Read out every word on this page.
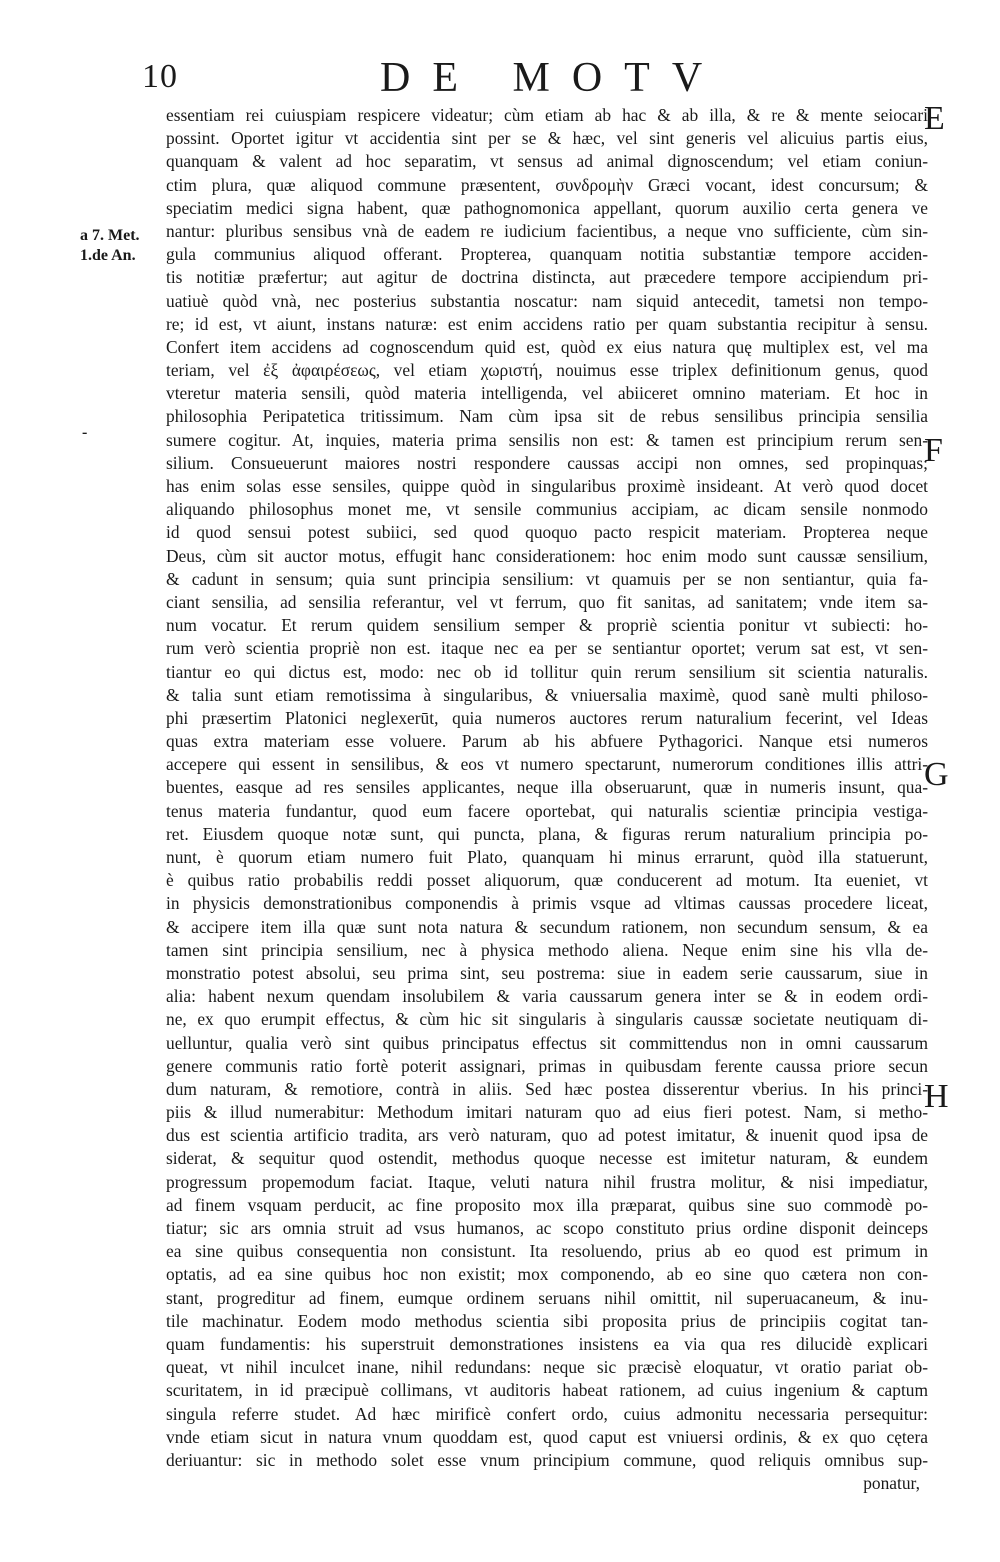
10	DE MOTV
a 7. Met.
1.de An.
-
E
F
G
H
essentiam rei cuiuspiam respicere videatur; cùm etiam ab hac & ab illa, & re & mente seiocari
possint. Oportet igitur vt accidentia sint per se & hæc, vel sint generis vel alicuius partis eius,
quanquam & valent ad hoc separatim, vt sensus ad animal dignoscendum; vel etiam coniun-
ctim plura, quæ aliquod commune præsentent, συνδρομὴν Græci vocant, idest concursum; &
speciatim medici signa habent, quæ pathognomonica appellant, quorum auxilio certa genera ve
nantur: pluribus sensibus vnà de eadem re iudicium facientibus, a neque vno sufficiente, cùm sin-
gula communius aliquod offerant. Propterea, quanquam notitia substantiæ tempore acciden-
tis notitiæ præfertur; aut agitur de doctrina distincta, aut præcedere tempore accipiendum pri-
uatiuè quòd vnà, nec posterius substantia noscatur: nam siquid antecedit, tametsi non tempo-
re; id est, vt aiunt, instans naturæ: est enim accidens ratio per quam substantia recipitur à sensu.
Confert item accidens ad cognoscendum quid est, quòd ex eius natura quę multiplex est, vel ma
teriam, vel ἐξ ἀφαιρέσεως, vel etiam χωριστή, nouimus esse triplex definitionum genus, quod
vteretur materia sensili, quòd materia intelligenda, vel abiiceret omnino materiam. Et hoc in
philosophia Peripatetica tritissimum. Nam cùm ipsa sit de rebus sensilibus principia sensilia
sumere cogitur. At, inquies, materia prima sensilis non est: & tamen est principium rerum sen-
silium. Consueuerunt maiores nostri respondere caussas accipi non omnes, sed propinquas;
has enim solas esse sensiles, quippe quòd in singularibus proximè insideant. At verò quod docet
aliquando philosophus monet me, vt sensile communius accipiam, ac dicam sensile nonmodo
id quod sensui potest subiici, sed quod quoquo pacto respicit materiam. Propterea neque
Deus, cùm sit auctor motus, effugit hanc considerationem: hoc enim modo sunt caussæ sensilium,
& cadunt in sensum; quia sunt principia sensilium: vt quamuis per se non sentiantur, quia fa-
ciant sensilia, ad sensilia referantur, vel vt ferrum, quo fit sanitas, ad sanitatem; vnde item sa-
num vocatur. Et rerum quidem sensilium semper & propriè scientia ponitur vt subiecti: ho-
rum verò scientia propriè non est. itaque nec ea per se sentiantur oportet; verum sat est, vt sen-
tiantur eo qui dictus est, modo: nec ob id tollitur quin rerum sensilium sit scientia naturalis.
& talia sunt etiam remotissima à singularibus, & vniuersalia maximè, quod sanè multi philoso-
phi præsertim Platonici neglexerūt, quia numeros auctores rerum naturalium fecerint, vel Ideas
quas extra materiam esse voluere. Parum ab his abfuere Pythagorici. Nanque etsi numeros
accepere qui essent in sensilibus, & eos vt numero spectarunt, numerorum conditiones illis attri-
buentes, easque ad res sensiles applicantes, neque illa obseruarunt, quæ in numeris insunt, qua-
tenus materia fundantur, quod eum facere oportebat, qui naturalis scientiæ principia vestiga-
ret. Eiusdem quoque notæ sunt, qui puncta, plana, & figuras rerum naturalium principia po-
nunt, è quorum etiam numero fuit Plato, quanquam hi minus errarunt, quòd illa statuerunt,
è quibus ratio probabilis reddi posset aliquorum, quæ conducerent ad motum. Ita eueniet, vt
in physicis demonstrationibus componendis à primis vsque ad vltimas caussas procedere liceat,
& accipere item illa quæ sunt nota natura & secundum rationem, non secundum sensum, & ea
tamen sint principia sensilium, nec à physica methodo aliena. Neque enim sine his vlla de-
monstratio potest absolui, seu prima sint, seu postrema: siue in eadem serie caussarum, siue in
alia: habent nexum quendam insolubilem & varia caussarum genera inter se & in eodem ordi-
ne, ex quo erumpit effectus, & cùm hic sit singularis à singularis caussæ societate neutiquam di-
uelluntur, qualia verò sint quibus principatus effectus sit committendus non in omni caussarum
genere communis ratio fortè poterit assignari, primas in quibusdam ferente caussa priore secun
dum naturam, & remotiore, contrà in aliis. Sed hæc postea disserentur vberius. In his princi-
piis & illud numerabitur: Methodum imitari naturam quo ad eius fieri potest. Nam, si metho-
dus est scientia artificio tradita, ars verò naturam, quo ad potest imitatur, & inuenit quod ipsa de
siderat, & sequitur quod ostendit, methodus quoque necesse est imitetur naturam, & eundem
progressum propemodum faciat. Itaque, veluti natura nihil frustra molitur, & nisi impediatur,
ad finem vsquam perducit, ac fine proposito mox illa præparat, quibus sine suo commodè po-
tiatur; sic ars omnia struit ad vsus humanos, ac scopo constituto prius ordine disponit deinceps
ea sine quibus consequentia non consistunt. Ita resoluendo, prius ab eo quod est primum in
optatis, ad ea sine quibus hoc non existit; mox componendo, ab eo sine quo cætera non con-
stant, progreditur ad finem, eumque ordinem seruans nihil omittit, nil superuacaneum, & inu-
tile machinatur. Eodem modo methodus scientia sibi proposita prius de principiis cogitat tan-
quam fundamentis: his superstruit demonstrationes insistens ea via qua res dilucidè explicari
queat, vt nihil inculcet inane, nihil redundans: neque sic præcisè eloquatur, vt oratio pariat ob-
scuritatem, in id præcipuè collimans, vt auditoris habeat rationem, ad cuius ingenium & captum
singula referre studet. Ad hæc mirificè confert ordo, cuius admonitu necessaria persequitur:
vnde etiam sicut in natura vnum quoddam est, quod caput est vniuersi ordinis, & ex quo cętera
deriuantur: sic in methodo solet esse vnum principium commune, quod reliquis omnibus sup-
ponatur,
